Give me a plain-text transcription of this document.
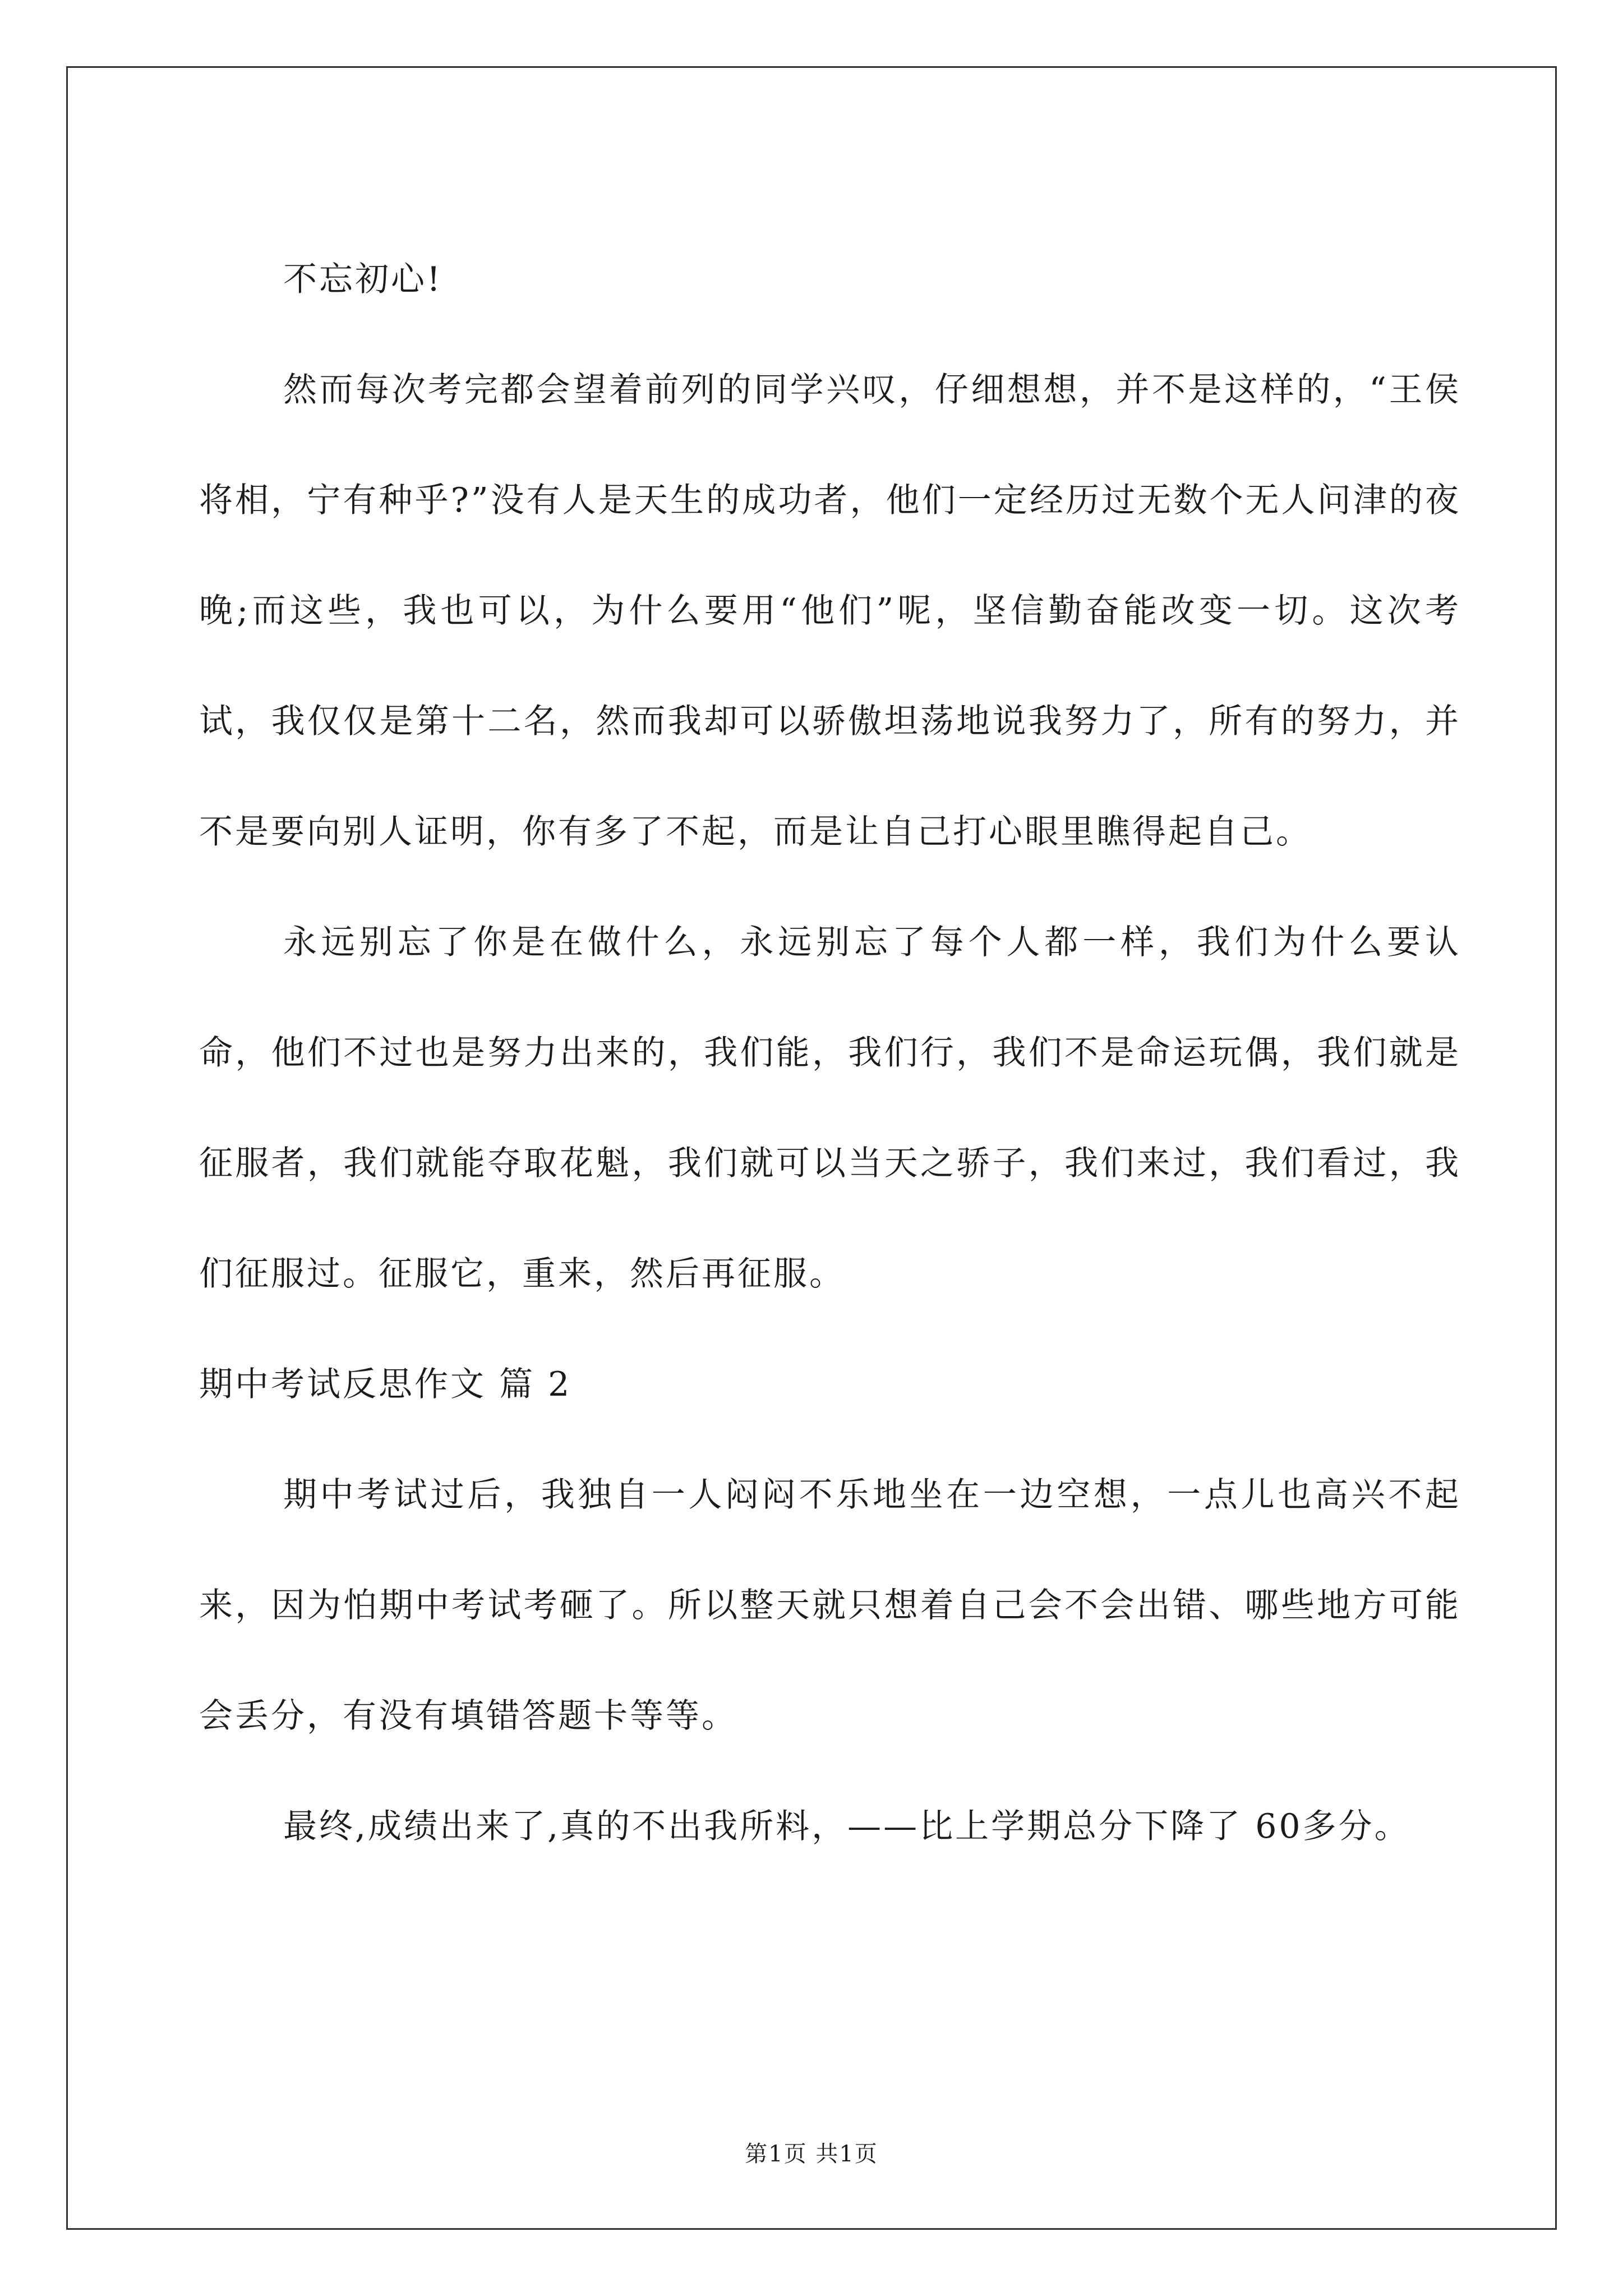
不忘初心!

然而每次考完都会望着前列的同学兴叹，仔细想想，并不是这样的，“王侯将相，宁有种乎?”没有人是天生的成功者，他们一定经历过无数个无人问津的夜晚;而这些，我也可以，为什么要用“他们”呢，坚信勤奋能改变一切。这次考试，我仅仅是第十二名，然而我却可以骄傲坦荡地说我努力了，所有的努力，并不是要向别人证明，你有多了不起，而是让自己打心眼里瞧得起自己。

永远别忘了你是在做什么，永远别忘了每个人都一样，我们为什么要认命，他们不过也是努力出来的，我们能，我们行，我们不是命运玩偶，我们就是征服者，我们就能夺取花魁，我们就可以当天之骄子，我们来过，我们看过，我们征服过。征服它，重来，然后再征服。

期中考试反思作文 篇 2

期中考试过后，我独自一人闷闷不乐地坐在一边空想，一点儿也高兴不起来，因为怕期中考试考砸了。所以整天就只想着自己会不会出错、哪些地方可能会丢分，有没有填错答题卡等等。

最终,成绩出来了,真的不出我所料，——比上学期总分下降了 60多分。

第1页 共1页
